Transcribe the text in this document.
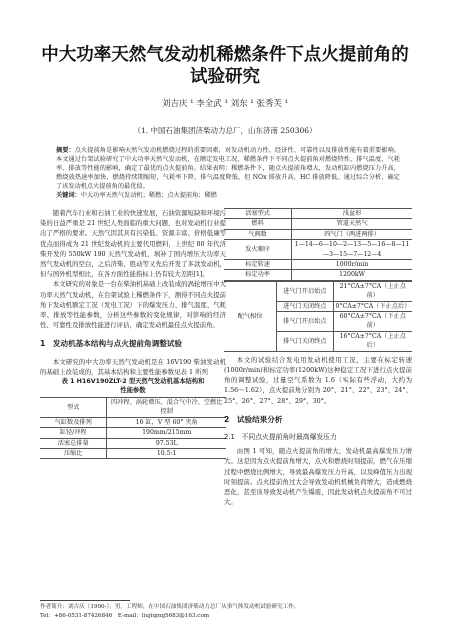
中大功率天然气发动机稀燃条件下点火提前角的试验研究
刘吉庆 ¹ 李全武 ¹ 刘东 ¹ 张秀芙 ¹
（1. 中国石油集团济柴动力总厂，山东济南 250306）
摘要：点火提前角是影响天然气发动机燃烧过程的重要因素，对发动机动力性、经济性、可靠性以及排放性能有着重要影响。本文通过台架试验研究了中大功率天然气发动机，在额定发电工况、稀燃条件下不同点火提前角对燃烧特性、排气温度、气耗率、排放等性能的影响，确定了最优的点火提前角。结果表明：稀燃条件下，随点火提前角增大，发动机缸内燃烧压力升高，燃烧放热速率加快，燃烧持续期缩短，气耗率下降，排气温度降低，但 NOx 排放升高，HC 排放降低。通过综合分析，确定了该发动机点火提前角的最优值。
关键词：中大功率天然气发动机；稀燃；点火提前角；稀燃

随着汽车行业和石油工业的快速发展，石油资源短缺和环境污染的日益严重是 21 世纪人类面临的重大问题，也对发动机行业提出了严格的要求。天然气因其具有污染低、资源丰富、价格低廉等优点而得成为 21 世纪发动机的主要代用燃料，上世纪 80 年代济柴开发的 550kW 190 天然气发动机，填补了国内增压大功率天然气发动机的空白，之后济柴、胜动等又先后开发了多款发动机，但与国外机型相比，在各方面性能指标上仍有较大差距[1]。

本文研究的对象是一台在柴油机基础上改装成的涡轮增压中大功率天然气发动机，在台架试验上稀燃条件下，测得不同点火提前角下发动机额定工况（发电工况）下的爆发压力、排气温度、气耗率、排放等性能参数，分析这些参数的变化规律，对影响的经济性、可靠性及排放性能进行评估，确定发动机最佳点火提前角。

1　发动机基本结构与点火提前角调整试验

本文研究的中大功率天然气发动机是在 16V190 柴油发动机的基础上改装成的，其基本结构和主要性能参数见表 1 所列

表 1 H16V190ZLT-2 型天然气发动机基本结构和
性能参数
型式	四冲程、涡轮增压、混合气中冷、空燃比控制
气缸数及排列	16 缸，V 型 60° 夹角
缸径/冲程	190mm/215mm
活塞总排量	97.53L
压缩比	10.5:1
活塞型式	浅盆形
燃料	管道天然气
气阀数	四气门（两进两排）
发火顺序	1—14—6—10—2—13—5—16—8—11—3—15—7—12—4
标定转速	1000r/min
标定功率	1200kW
配气相位	进气门开启始点	21°CA±7°CA（上止点前）
	进气门关闭终点	0°CA±7°CA（下止点后）
	排气门开启始点	60°CA±7°CA（下止点前）
	排气门关闭终点	16°CA±7°CA（上止点后）

本文的试验结合发电用发动机使用工况，主要在标定转速(1000r/min)和标定功率(1200kW)这种稳定工况下进行点火提前角的调整试验，过量空气系数为 1.6（实际有些浮动，大约为 1.56～1.62），点火提前角分别为 20°、21°、22°、23°、24°、25°、26°、27°、28°、29°、30°。

2　试验结果分析
2.1　不同点火提前角时最高爆发压力

由图 1 可知，随点火提前角的增大，发动机最高爆发压力增大。这是因为点火提前角增大，点火和燃烧时刻提前，燃气在压缩过程中燃烧比例增大，导致最高爆发压力升高，以及峰值压力出现时刻提前。点火提前角过大会导致发动机机械负荷增大，造成燃烧恶化，甚至该导致发动机产生爆震，因此发动机点火提前角不可过大。

作者简介：刘吉庆（1990-），男，工程师，在中国石油集团济柴动力总厂从事气体发动机试验研究工作。
Tel：+86-0531-87426846　E-mail：liujiqing5683@163.com
